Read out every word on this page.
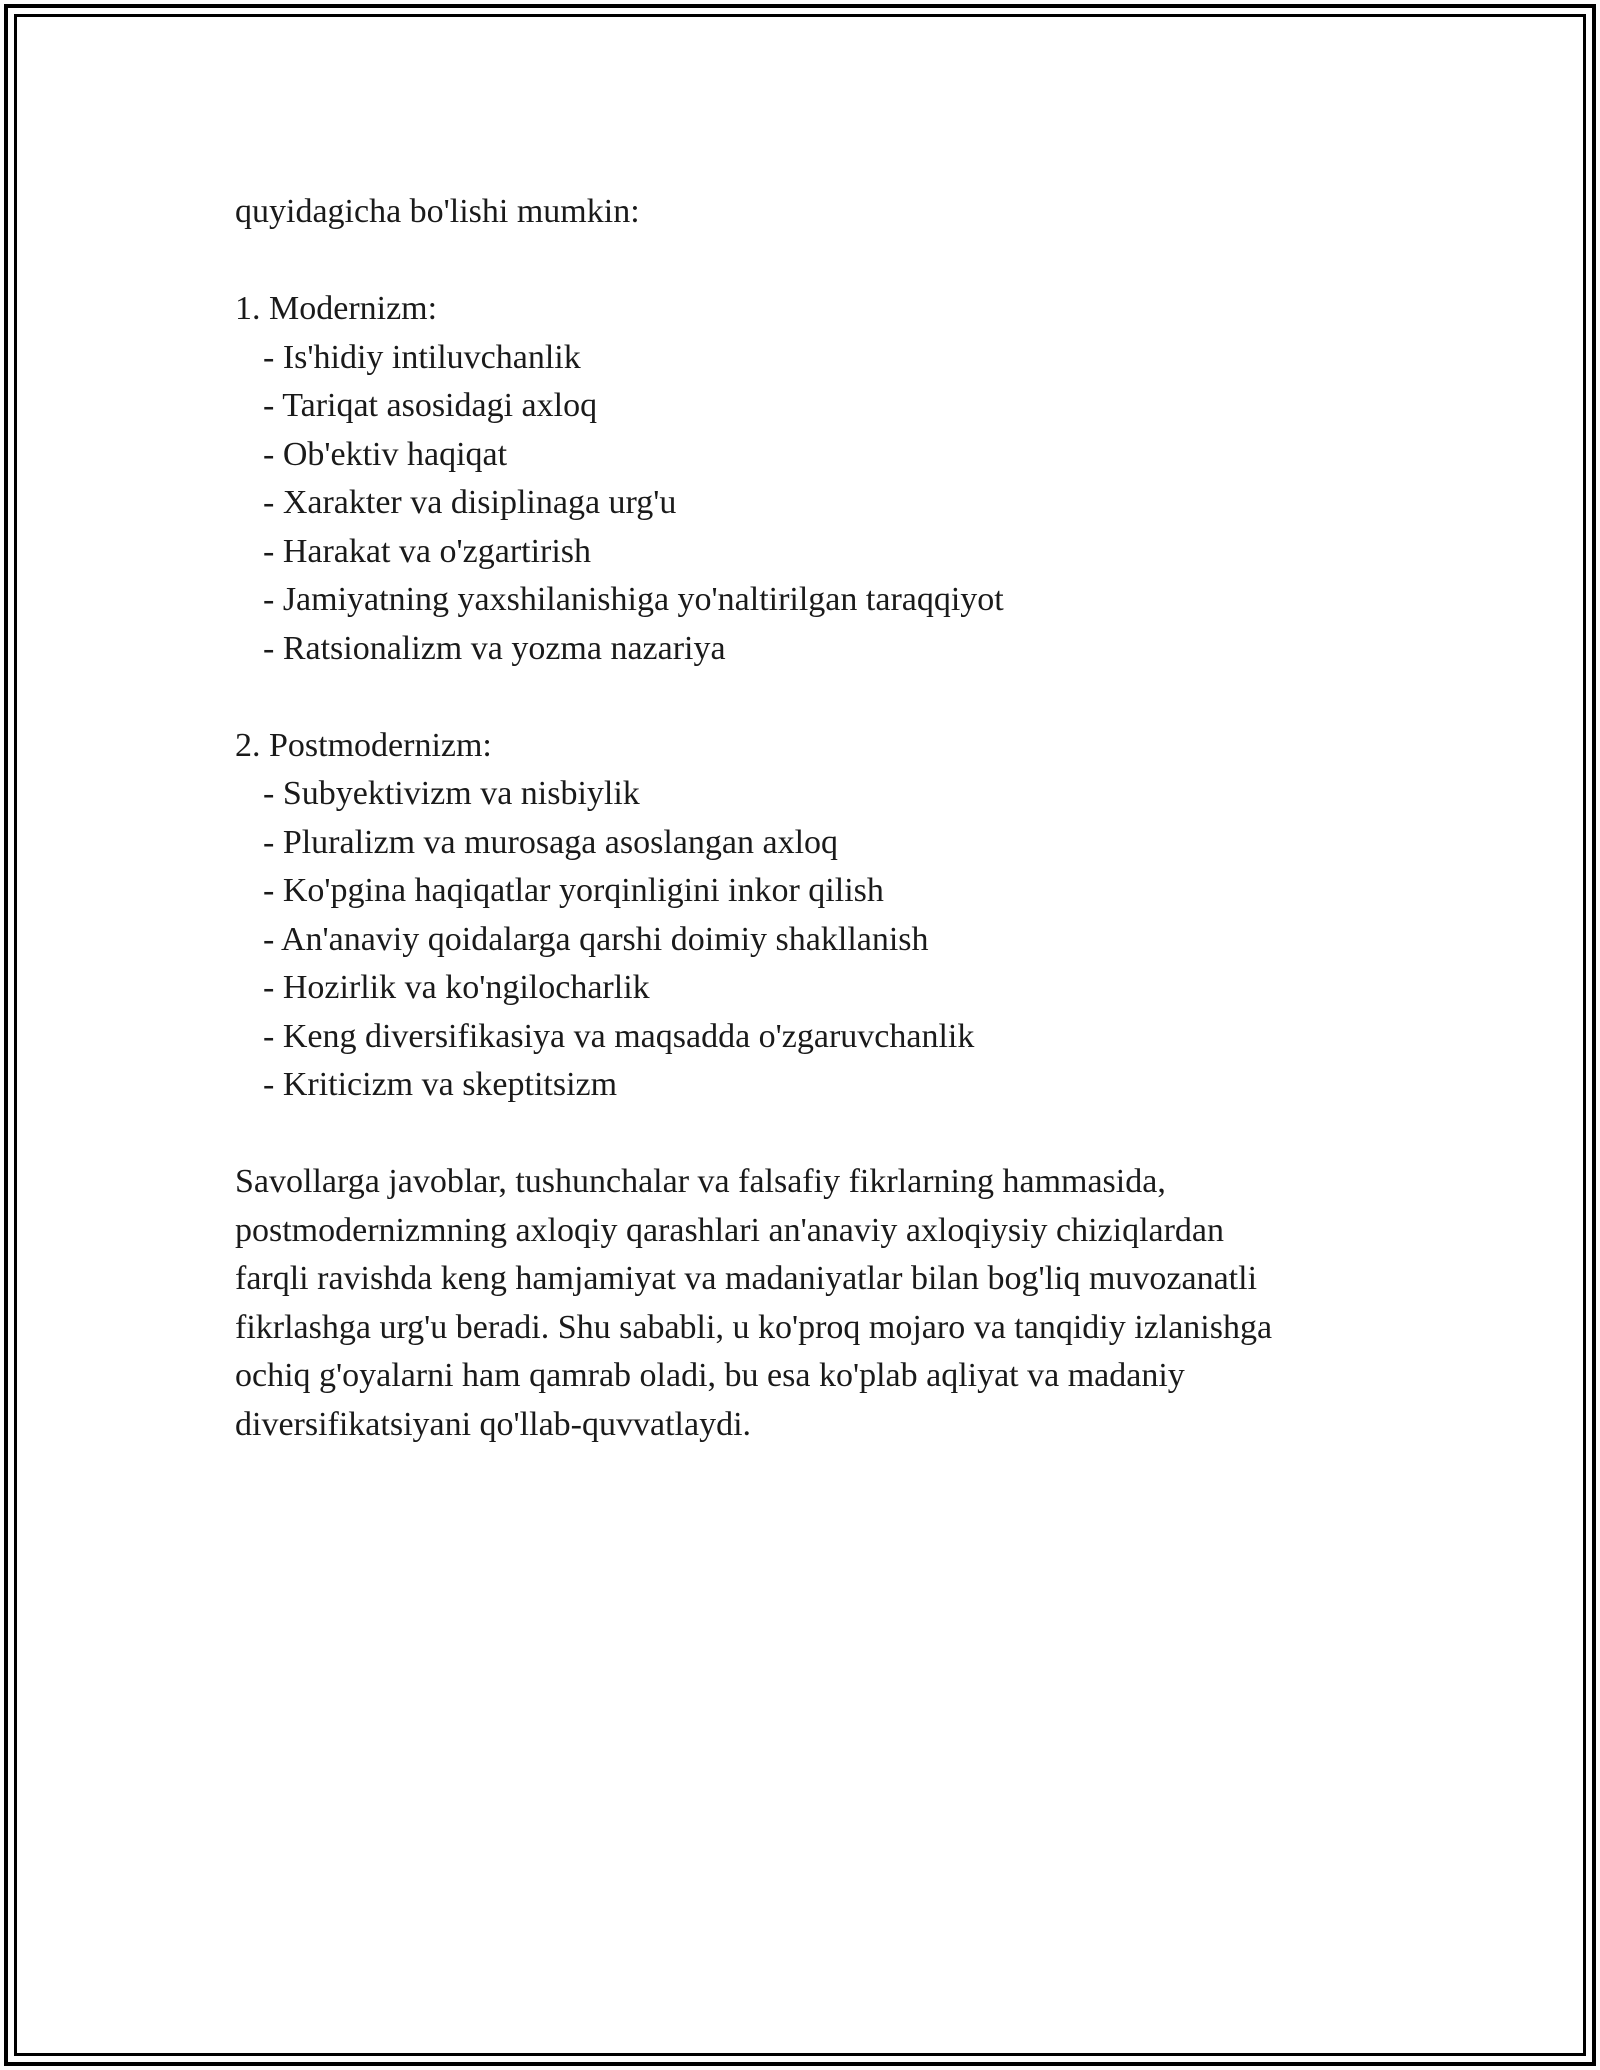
quyidagicha bo'lishi mumkin:
1. Modernizm:
- Is'hidiy intiluvchanlik
- Tariqat asosidagi axloq
- Ob'ektiv haqiqat
- Xarakter va disiplinaga urg'u
- Harakat va o'zgartirish
- Jamiyatning yaxshilanishiga yo'naltirilgan taraqqiyot
- Ratsionalizm va yozma nazariya
2. Postmodernizm:
- Subyektivizm va nisbiylik
- Pluralizm va murosaga asoslangan axloq
- Ko'pgina haqiqatlar yorqinligini inkor qilish
- An'anaviy qoidalarga qarshi doimiy shakllanish
- Hozirlik va ko'ngilocharlik
- Keng diversifikasiya va maqsadda o'zgaruvchanlik
- Kriticizm va skeptitsizm
Savollarga javoblar, tushunchalar va falsafiy fikrlarning hammasida,
postmodernizmning axloqiy qarashlari an'anaviy axloqiysiy chiziqlardan
farqli ravishda keng hamjamiyat va madaniyatlar bilan bog'liq muvozanatli
fikrlashga urg'u beradi. Shu sababli, u ko'proq mojaro va tanqidiy izlanishga
ochiq g'oyalarni ham qamrab oladi, bu esa ko'plab aqliyat va madaniy
diversifikatsiyani qo'llab-quvvatlaydi.
